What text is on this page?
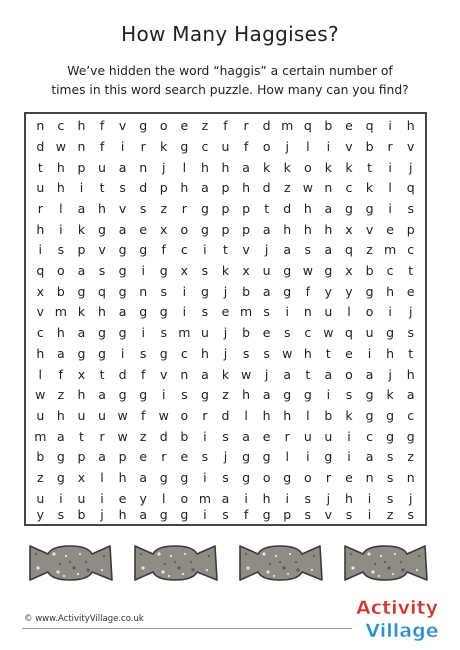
How Many Haggises?
We’ve hidden the word “haggis” a certain number of
times in this word search puzzle. How many can you find?
n	c	h	f	v	g	o	e	z	f	r	d m q	b	e	q	i	h
d w n	f	i	r	k	g	c	u	f	o	j	l	i	v	b	r	v
t	h	p	u	a	n	j	l	h	h	a	k	k	o	k	k	t	i	j
u	h	i	t	s	d	p	h	a	p	h	d	z w n	c	k	l	q
r	l	a	h	v	s	z	r	g	p	p	t	d	h	a	g	g	i	s
h	i	k	g	a	e	x	o	g	p	p	a	h	h	h	x	v	e	p
i	s	p	v	g	g	f	c	i	t	v	j	a	s	a	q	z m c
q	o	a	s	g	i	g	x	s	k	x	u	g w g	x	b	c	t
x	b	g	q	g	n	s	i	g	j	b	a	g	f	y	y	g	h	e
v m k	h	a	g	g	i	s	e m s	i	n	u	l	o	i	j
c	h	a	g	g	i	s m u	j	b	e	s	c w q	u	g	s
h	a	g	g	i	s	g	c	h	j	s	s w h	t	e	i	h	t
l	f	x	t	d	f	v	n	a	k w	j	a	t	a	o	a	j	h
w z	h	a	g	g	i	s	g	z	h	a	g	g	i	s	g	k	a
u	h	u	u w	f	w o	r	d	l	h	h	l	b	k	g	g	c
m a	t	r	w z	d	b	i	s	a	e	r	u	u	i	c	g	g
b	g	p	a	p	e	r	e	s	j	g	g	l	i	g	i	a	s	z
z	g	x	l	h	a	g	g	i	s	g	o	g	o	r	e	n	s	n
u	i	u	i	e	y	l	o m a	i	h	i	s	j	h	i	s	j
y	s	b	j	h	a	g	g	i	s	f	g	p	s	v	s	i	z	s
© www.ActivityVillage.co.uk	Activity
Village
